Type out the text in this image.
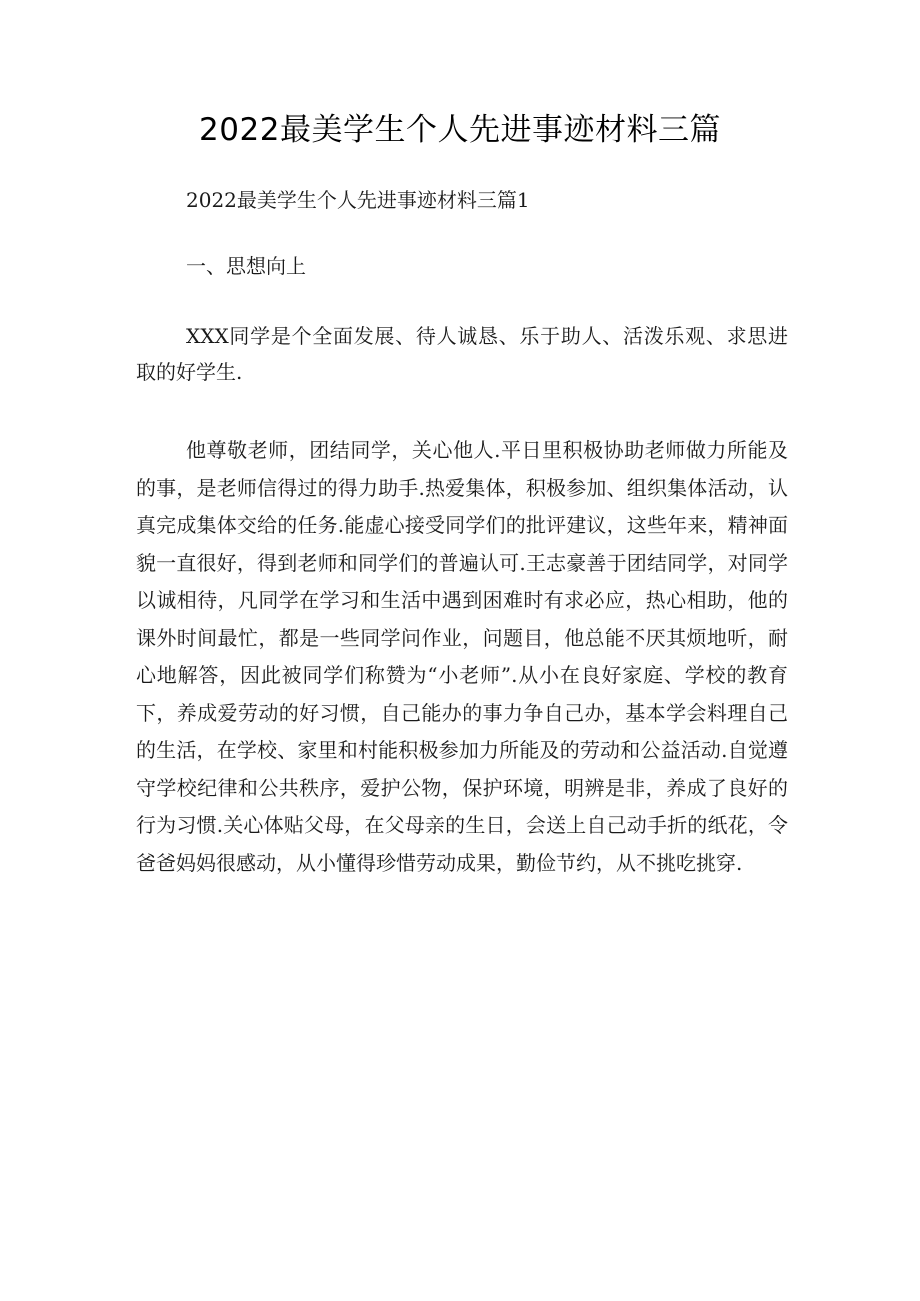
2022最美学生个人先进事迹材料三篇
2022最美学生个人先进事迹材料三篇1
一、思想向上

XXX同学是个全面发展、待人诚恳、乐于助人、活泼乐观、求思进取的好学生.

他尊敬老师，团结同学，关心他人.平日里积极协助老师做力所能及的事，是老师信得过的得力助手.热爱集体，积极参加、组织集体活动，认真完成集体交给的任务.能虚心接受同学们的批评建议，这些年来，精神面貌一直很好，得到老师和同学们的普遍认可.王志豪善于团结同学，对同学以诚相待，凡同学在学习和生活中遇到困难时有求必应，热心相助，他的课外时间最忙，都是一些同学问作业，问题目，他总能不厌其烦地听，耐心地解答，因此被同学们称赞为“小老师”.从小在良好家庭、学校的教育下，养成爱劳动的好习惯，自己能办的事力争自己办，基本学会料理自己的生活，在学校、家里和村能积极参加力所能及的劳动和公益活动.自觉遵守学校纪律和公共秩序，爱护公物，保护环境，明辨是非，养成了良好的行为习惯.关心体贴父母，在父母亲的生日，会送上自己动手折的纸花，令爸爸妈妈很感动，从小懂得珍惜劳动成果，勤俭节约，从不挑吃挑穿.
